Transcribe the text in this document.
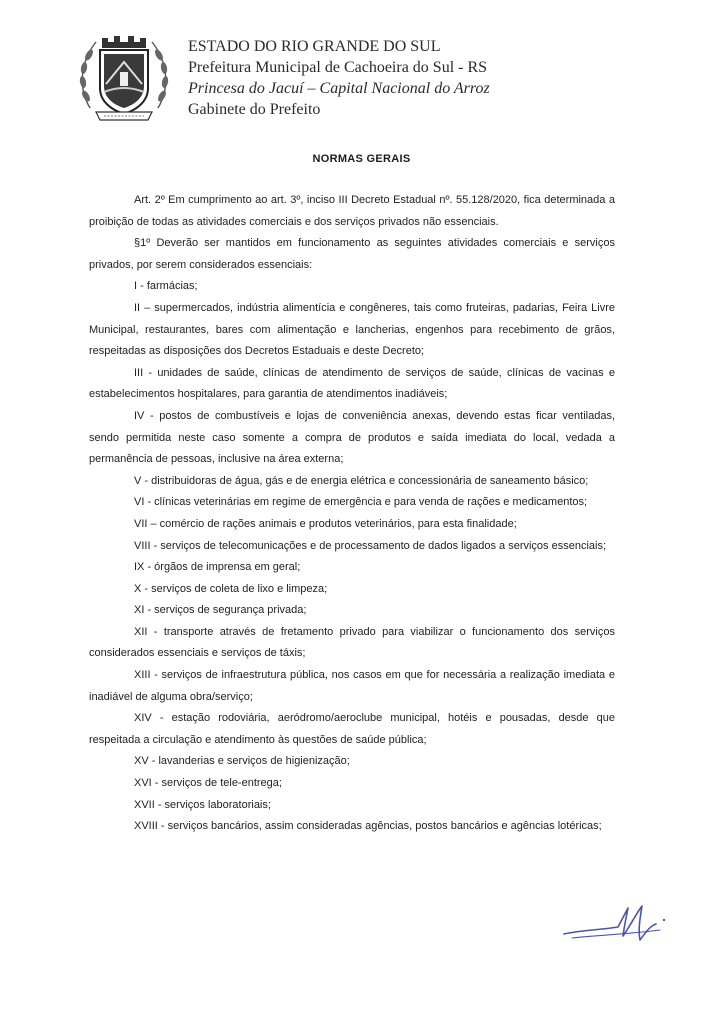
ESTADO DO RIO GRANDE DO SUL
Prefeitura Municipal de Cachoeira do Sul - RS
Princesa do Jacuí – Capital Nacional do Arroz
Gabinete do Prefeito
NORMAS GERAIS

Art. 2º Em cumprimento ao art. 3º, inciso III Decreto Estadual nº. 55.128/2020, fica determinada a proibição de todas as atividades comerciais e dos serviços privados não essenciais.

§1º Deverão ser mantidos em funcionamento as seguintes atividades comerciais e serviços privados, por serem considerados essenciais:

I - farmácias;

II – supermercados, indústria alimentícia e congêneres, tais como fruteiras, padarias, Feira Livre Municipal, restaurantes, bares com alimentação e lancherias, engenhos para recebimento de grãos, respeitadas as disposições dos Decretos Estaduais e deste Decreto;

III - unidades de saúde, clínicas de atendimento de serviços de saúde, clínicas de vacinas e estabelecimentos hospitalares, para garantia de atendimentos inadiáveis;

IV - postos de combustíveis e lojas de conveniência anexas, devendo estas ficar ventiladas, sendo permitida neste caso somente a compra de produtos e saída imediata do local, vedada a permanência de pessoas, inclusive na área externa;

V - distribuidoras de água, gás e de energia elétrica e concessionária de saneamento básico;

VI - clínicas veterinárias em regime de emergência e para venda de rações e medicamentos;

VII – comércio de rações animais e produtos veterinários, para esta finalidade;

VIII - serviços de telecomunicações e de processamento de dados ligados a serviços essenciais;

IX - órgãos de imprensa em geral;

X - serviços de coleta de lixo e limpeza;

XI - serviços de segurança privada;

XII - transporte através de fretamento privado para viabilizar o funcionamento dos serviços considerados essenciais e serviços de táxis;

XIII - serviços de infraestrutura pública, nos casos em que for necessária a realização imediata e inadiável de alguma obra/serviço;

XIV - estação rodoviária, aeródromo/aeroclube municipal, hotéis e pousadas, desde que respeitada a circulação e atendimento às questões de saúde pública;

XV - lavanderias e serviços de higienização;

XVI - serviços de tele-entrega;

XVII - serviços laboratoriais;

XVIII - serviços bancários, assim consideradas agências, postos bancários e agências lotéricas;
